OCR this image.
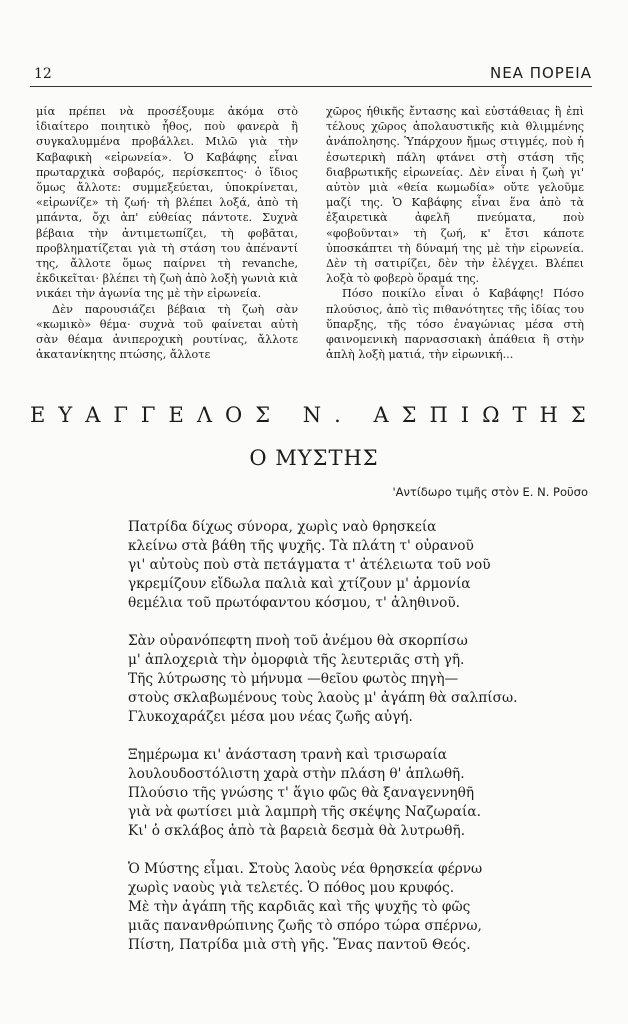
12	ΝΕΑ ΠΟΡΕΙΑ

μία πρέπει νὰ προσέξουμε ἀκόμα στὸ ἰδιαίτερο ποιητικὸ ἦθος, ποὺ φανερὰ ἢ συγκαλυμμένα προβάλλει. Μιλῶ γιὰ τὴν Καβαφικὴ «εἰρωνεία». Ὁ Καβάφης εἶναι πρωταρχικὰ σοβαρός, περίσκεπτος· ὁ ἴδιος ὅμως ἄλλοτε: συμμεξεύεται, ὑποκρίνεται, «εἰρωνίζε» τὴ ζωή· τὴ βλέπει λοξά, ἀπὸ τὴ μπάντα, ὄχι ἀπ' εὐθείας πάντοτε. Συχνὰ βέβαια τὴν ἀντιμετωπίζει, τὴ φοβᾶται, προβληματίζεται γιὰ τὴ στάση του ἀπέναντί της, ἄλλοτε ὅμως παίρνει τὴ revanche, ἐκδικεῖται· βλέπει τὴ ζωὴ ἀπὸ λοξὴ γωνιὰ κιὰ νικάει τὴν ἀγωνία της μὲ τὴν εἰρωνεία.

Δὲν παρουσιάζει βέβαια τὴ ζωὴ σὰν «κωμικὸ» θέμα· συχνὰ τοῦ φαίνεται αὐτὴ σὰν θέαμα ἀνιπεροχικὴ ρουτίνας, ἄλλοτε ἀκατανίκητης πτώσης, ἄλλοτε

χῶρος ἠθικῆς ἔντασης καὶ εὐστάθειας ἢ ἐπὶ τέλους χῶρος ἀπολαυστικῆς κιὰ θλιμμένης ἀνάπολησης. Ὑπάρχουν ἤμως στιγμές, ποὺ ἡ ἐσωτερικὴ πάλη φτάνει στὴ στάση τῆς διαβρωτικῆς εἰρωνείας. Δὲν εἶναι ἡ ζωὴ γι' αὐτὸν μιὰ «θεία κωμωδία» οὔτε γελοῦμε μαζί της. Ὁ Καβάφης εἶναι ἕνα ἀπὸ τὰ ἐξαιρετικὰ ἀφελῆ πνεύματα, ποὺ «φοβοῦνται» τὴ ζωή, κ' ἔτσι κάποτε ὑποσκάπτει τὴ δύναμή της μὲ τὴν εἰρωνεία. Δὲν τὴ σατιρίζει, δὲν τὴν ἐλέγχει. Βλέπει λοξὰ τὸ φοβερὸ ὅραμά της.

Πόσο ποικίλο εἶναι ὁ Καβάφης! Πόσο πλούσιος, ἀπὸ τὶς πιθανότητες τῆς ἰδίας του ὕπαρξης, τῆς τόσο ἐναγώνιας μέσα στὴ φαινομενικὴ παρνασσιακὴ ἀπάθεια ἢ στὴν ἁπλὴ λοξὴ ματιά, τὴν εἰρωνική...

ΕΥΑΓΓΕΛΟΣ Ν. ΑΣΠΙΩΤΗΣ
Ο ΜΥΣΤΗΣ
'Αντίδωρο τιμῆς στὸν Ε. Ν. Ροῦσο
Πατρίδα δίχως σύνορα, χωρὶς ναὸ θρησκεία
κλείνω στὰ βάθη τῆς ψυχῆς. Τὰ πλάτη τ' οὐρανοῦ
γι' αὐτοὺς ποὺ στὰ πετάγματα τ' ἀτέλειωτα τοῦ νοῦ
γκρεμίζουν εἴδωλα παλιὰ καὶ χτίζουν μ' ἁρμονία
θεμέλια τοῦ πρωτόφαντου κόσμου, τ' ἀληθινοῦ.
Σὰν οὐρανόπεφτη πνοὴ τοῦ ἀνέμου θὰ σκορπίσω
μ' ἀπλοχεριὰ τὴν ὀμορφιὰ τῆς λευτεριᾶς στὴ γῆ.
Τῆς λύτρωσης τὸ μήνυμα —θεῖου φωτὸς πηγὴ—
στοὺς σκλαβωμένους τοὺς λαοὺς μ' ἀγάπη θὰ σαλπίσω.
Γλυκοχαράζει μέσα μου νέας ζωῆς αὐγή.
Ξημέρωμα κι' ἀνάσταση τρανὴ καὶ τρισωραία
λουλουδοστόλιστη χαρὰ στὴν πλάση θ' ἁπλωθῆ.
Πλούσιο τῆς γνώσης τ' ἅγιο φῶς θὰ ξαναγεννηθῆ
γιὰ νὰ φωτίσει μιὰ λαμπρὴ τῆς σκέψης Ναζωραία.
Κι' ὁ σκλάβος ἀπὸ τὰ βαρειὰ δεσμὰ θὰ λυτρωθῆ.
Ὁ Μύστης εἶμαι. Στοὺς λαοὺς νέα θρησκεία φέρνω
χωρὶς ναοὺς γιὰ τελετές. Ὁ πόθος μου κρυφός.
Μὲ τὴν ἀγάπη τῆς καρδιᾶς καὶ τῆς ψυχῆς τὸ φῶς
μιᾶς πανανθρώπινης ζωῆς τὸ σπόρο τώρα σπέρνω,
Πίστη, Πατρίδα μιὰ στὴ γῆς. Ἕνας παντοῦ Θεός.
